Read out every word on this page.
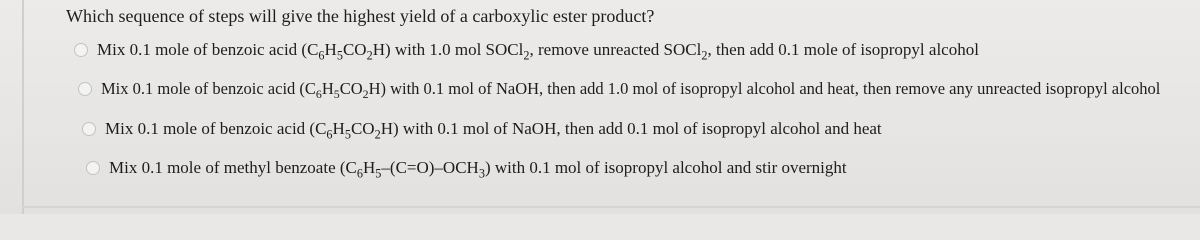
Which sequence of steps will give the highest yield of a carboxylic ester product?
Mix 0.1 mole of benzoic acid $(C_6H_5CO_2H)$ with 1.0 mol SOCl$_2$, remove unreacted SOCl$_2$, then add 0.1 mole of isopropyl alcohol
Mix 0.1 mole of benzoic acid $(C_6H_5CO_2H)$ with 0.1 mol of NaOH, then add 1.0 mol of isopropyl alcohol and heat, then remove any unreacted isopropyl alcohol
Mix 0.1 mole of benzoic acid $(C_6H_5CO_2H)$ with 0.1 mol of NaOH, then add 0.1 mol of isopropyl alcohol and heat
Mix 0.1 mole of methyl benzoate $(C_6H_5-(C=O)-OCH_3)$ with 0.1 mol of isopropyl alcohol and stir overnight
